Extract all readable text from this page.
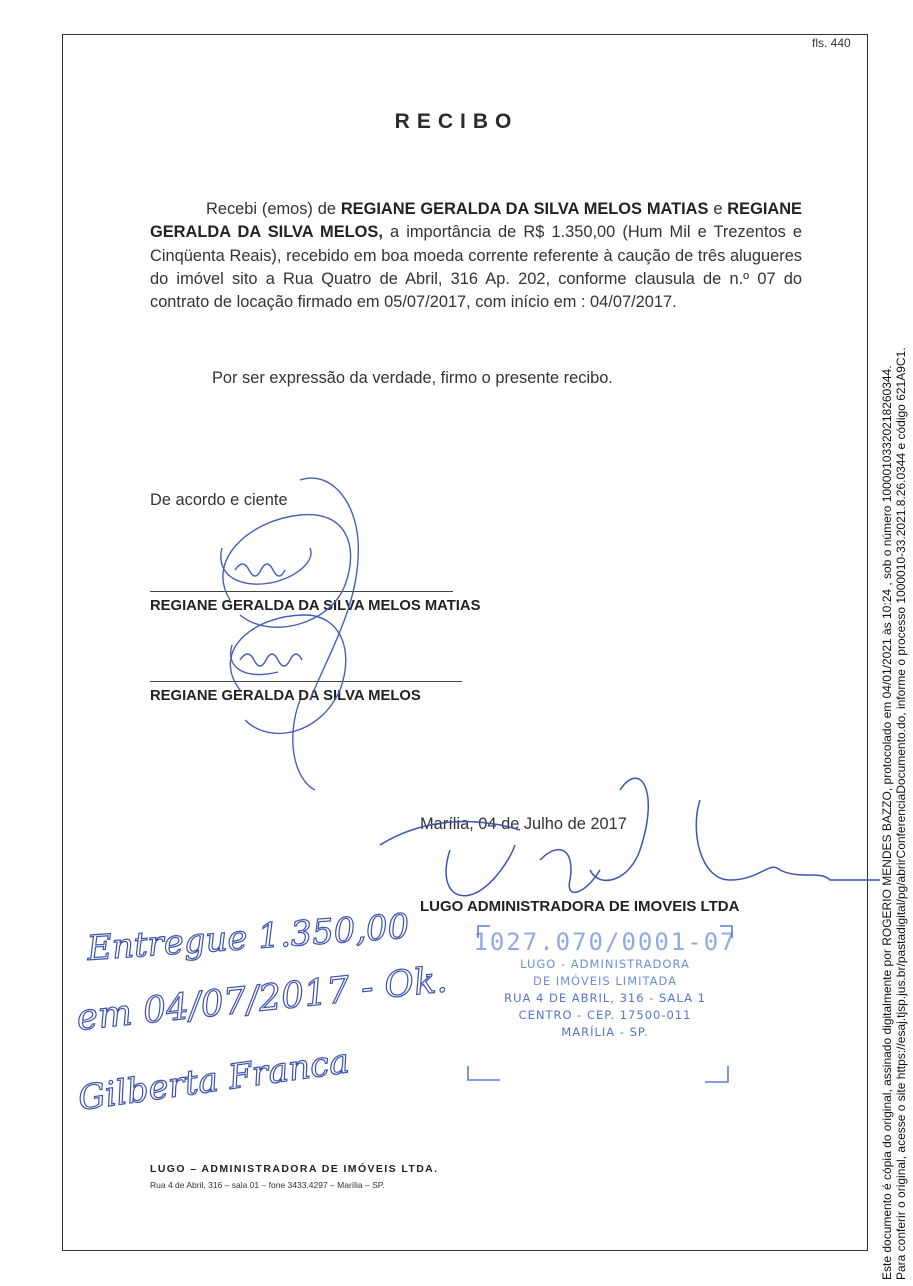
fls. 440
RECIBO

Recebi (emos) de REGIANE GERALDA DA SILVA MELOS MATIAS e REGIANE GERALDA DA SILVA MELOS, a importância de R$ 1.350,00 (Hum Mil e Trezentos e Cinqüenta Reais), recebido em boa moeda corrente referente à caução de três alugueres do imóvel sito a Rua Quatro de Abril, 316 Ap. 202, conforme clausula de n.º 07 do contrato de locação firmado em 05/07/2017, com início em : 04/07/2017.

Por ser expressão da verdade, firmo o presente recibo.
De acordo e ciente
REGIANE GERALDA DA SILVA MELOS MATIAS
REGIANE GERALDA DA SILVA MELOS
Marília, 04 de Julho de 2017
LUGO ADMINISTRADORA DE IMOVEIS LTDA
1027.070/0001-07
LUGO - ADMINISTRADORA
DE IMÓVEIS LIMITADA
RUA 4 DE ABRIL, 316 - SALA 1
CENTRO - CEP. 17500-011
MARÍLIA - SP.
Entregue 1.350,00
em 04/07/2017 - Ok.
Gilberta Franca
LUGO – ADMINISTRADORA DE IMÓVEIS LTDA.
Rua 4 de Abril, 316 – sala 01 – fone 3433.4297 – Marília – SP.	Este documento é cópia do original, assinado digitalmente por ROGERIO MENDES BAZZO, protocolado em 04/01/2021 às 10:24 , sob o número 10000103320218260344. Para conferir o original, acesse o site https://esaj.tjsp.jus.br/pastadigital/pg/abrirConferenciaDocumento.do, informe o processo 1000010-33.2021.8.26.0344 e código 621A9C1.
